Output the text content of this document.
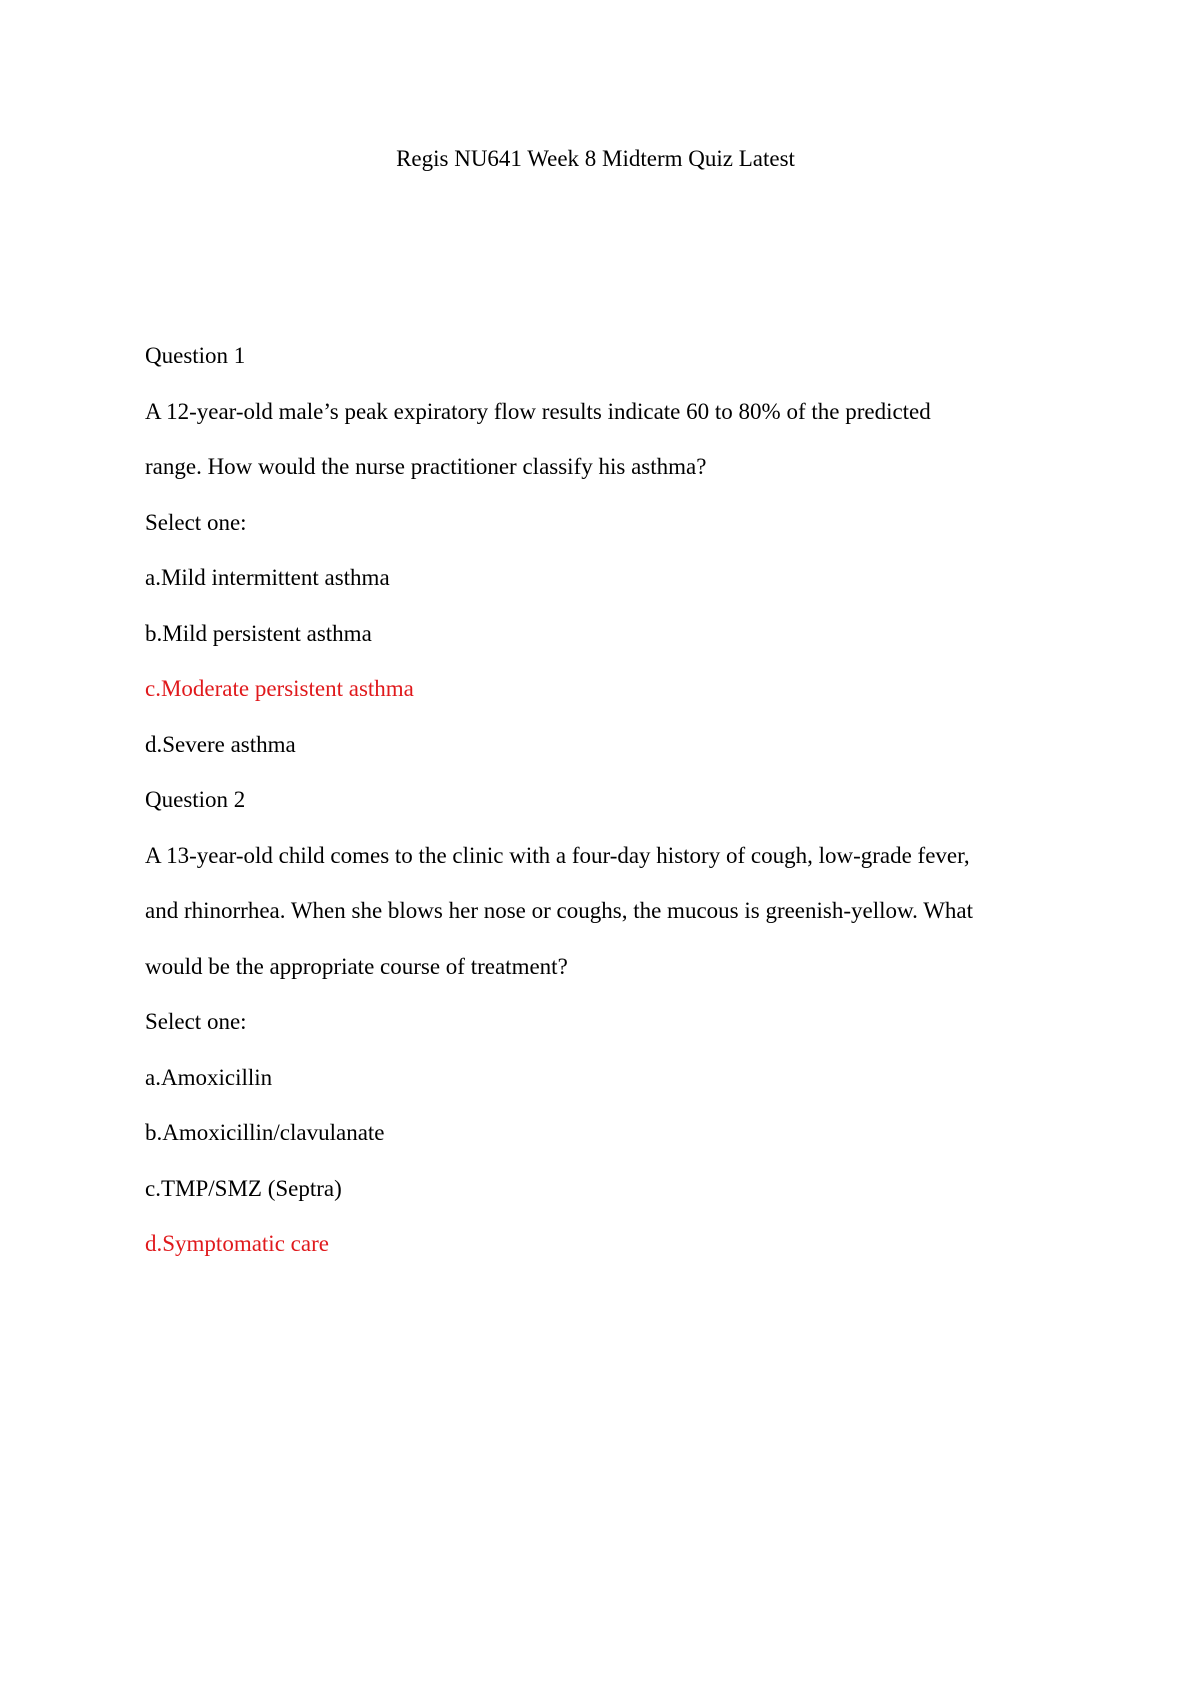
Regis NU641 Week 8 Midterm Quiz Latest
Question 1
A 12-year-old male’s peak expiratory flow results indicate 60 to 80% of the predicted
range. How would the nurse practitioner classify his asthma?
Select one:
a.Mild intermittent asthma
b.Mild persistent asthma
c.Moderate persistent asthma
d.Severe asthma
Question 2
A 13-year-old child comes to the clinic with a four-day history of cough, low-grade fever,
and rhinorrhea. When she blows her nose or coughs, the mucous is greenish-yellow. What
would be the appropriate course of treatment?
Select one:
a.Amoxicillin
b.Amoxicillin/clavulanate
c.TMP/SMZ (Septra)
d.Symptomatic care
